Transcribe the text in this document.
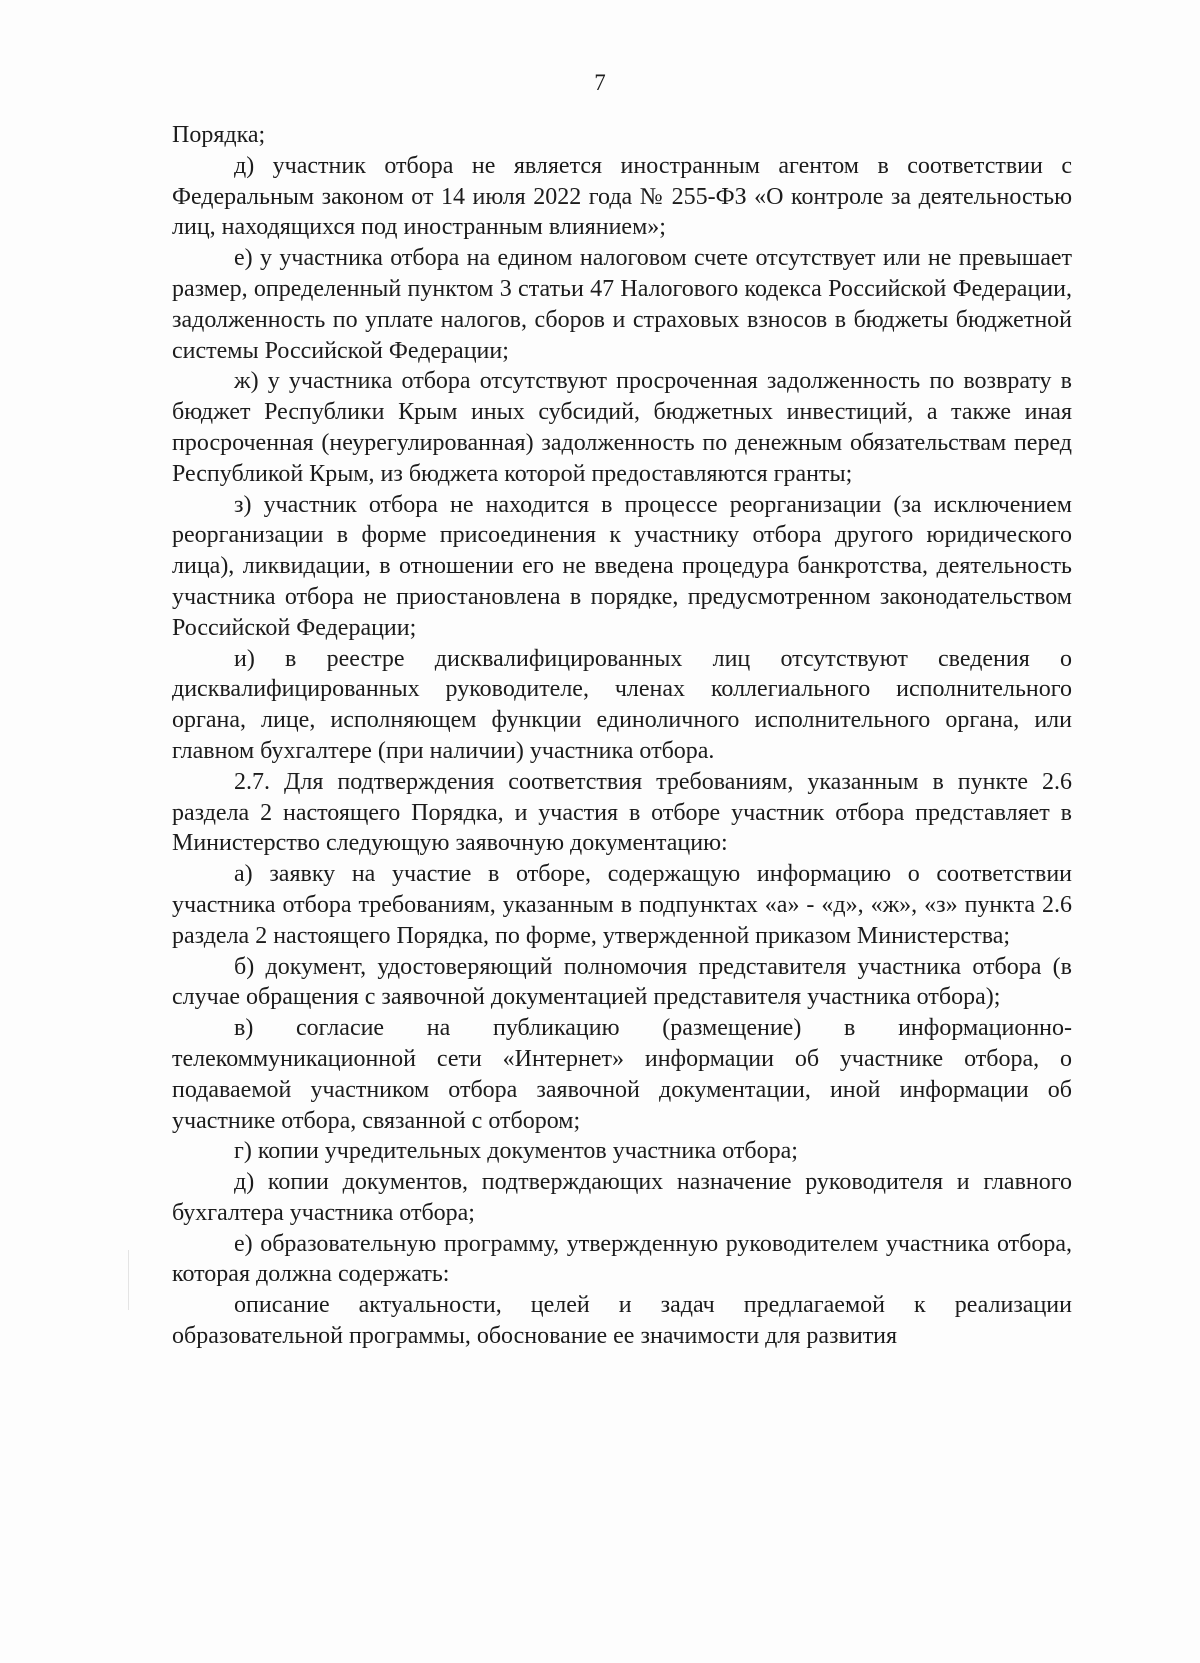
7

Порядка;

д) участник отбора не является иностранным агентом в соответствии с Федеральным законом от 14 июля 2022 года № 255-ФЗ «О контроле за деятельностью лиц, находящихся под иностранным влиянием»;

е) у участника отбора на едином налоговом счете отсутствует или не превышает размер, определенный пунктом 3 статьи 47 Налогового кодекса Российской Федерации, задолженность по уплате налогов, сборов и страховых взносов в бюджеты бюджетной системы Российской Федерации;

ж) у участника отбора отсутствуют просроченная задолженность по возврату в бюджет Республики Крым иных субсидий, бюджетных инвестиций, а также иная просроченная (неурегулированная) задолженность по денежным обязательствам перед Республикой Крым, из бюджета которой предоставляются гранты;

з) участник отбора не находится в процессе реорганизации (за исключением реорганизации в форме присоединения к участнику отбора другого юридического лица), ликвидации, в отношении его не введена процедура банкротства, деятельность участника отбора не приостановлена в порядке, предусмотренном законодательством Российской Федерации;

и) в реестре дисквалифицированных лиц отсутствуют сведения о дисквалифицированных руководителе, членах коллегиального исполнительного органа, лице, исполняющем функции единоличного исполнительного органа, или главном бухгалтере (при наличии) участника отбора.

2.7. Для подтверждения соответствия требованиям, указанным в пункте 2.6 раздела 2 настоящего Порядка, и участия в отборе участник отбора представляет в Министерство следующую заявочную документацию:

а) заявку на участие в отборе, содержащую информацию о соответствии участника отбора требованиям, указанным в подпунктах «а» - «д», «ж», «з» пункта 2.6 раздела 2 настоящего Порядка, по форме, утвержденной приказом Министерства;

б) документ, удостоверяющий полномочия представителя участника отбора (в случае обращения с заявочной документацией представителя участника отбора);

в) согласие на публикацию (размещение) в информационно-телекоммуникационной сети «Интернет» информации об участнике отбора, о подаваемой участником отбора заявочной документации, иной информации об участнике отбора, связанной с отбором;

г) копии учредительных документов участника отбора;

д) копии документов, подтверждающих назначение руководителя и главного бухгалтера участника отбора;

е) образовательную программу, утвержденную руководителем участника отбора, которая должна содержать:

описание актуальности, целей и задач предлагаемой к реализации образовательной программы, обоснование ее значимости для развития
